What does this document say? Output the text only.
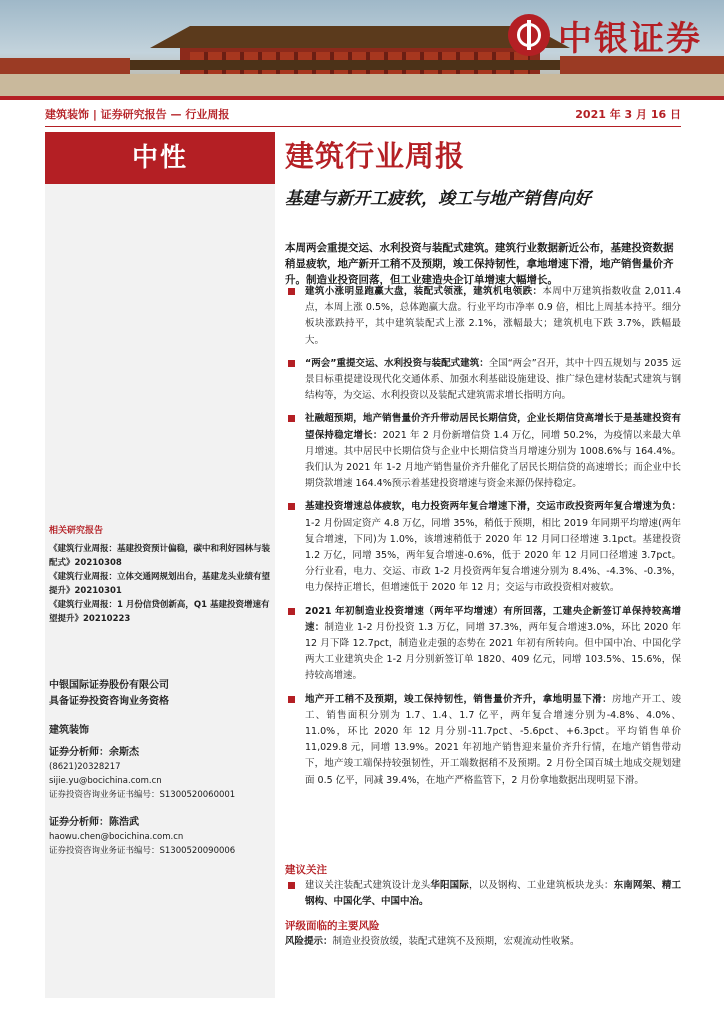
中银证券
建筑装饰 | 证券研究报告 — 行业周报	2021 年 3 月 16 日
中性
相关研究报告
《建筑行业周报：基建投资预计偏稳，碳中和利好园林与装配式》20210308
《建筑行业周报：立体交通网规划出台，基建龙头业绩有望提升》20210301
《建筑行业周报：1 月份信贷创新高，Q1 基建投资增速有望提升》20210223
中银国际证券股份有限公司
具备证券投资咨询业务资格
建筑装饰
证券分析师：余斯杰
(8621)20328217
sijie.yu@bocichina.com.cn
证券投资咨询业务证书编号：S1300520060001
证券分析师：陈浩武
haowu.chen@bocichina.com.cn
证券投资咨询业务证书编号：S1300520090006
建筑行业周报
基建与新开工疲软，竣工与地产销售向好
本周两会重提交运、水利投资与装配式建筑。建筑行业数据新近公布，基建投资数据稍显疲软，地产新开工稍不及预期，竣工保持韧性，拿地增速下滑，地产销售量价齐升。制造业投资回落，但工业建造央企订单增速大幅增长。
建筑小涨明显跑赢大盘，装配式领涨，建筑机电领跌：本周中万建筑指数收盘 2,011.4 点，本周上涨 0.5%，总体跑赢大盘。行业平均市净率 0.9 倍，相比上周基本持平。细分板块涨跌持平，其中建筑装配式上涨 2.1%，涨幅最大；建筑机电下跌 3.7%，跌幅最大。
“两会”重提交运、水利投资与装配式建筑：全国“两会”召开，其中十四五规划与 2035 远景目标重提建设现代化交通体系、加强水利基础设施建设、推广绿色建材装配式建筑与钢结构等，为交运、水利投资以及装配式建筑需求增长指明方向。
社融超预期，地产销售量价齐升带动居民长期信贷，企业长期信贷高增长于是基建投资有望保持稳定增长：2021 年 2 月份新增信贷 1.4 万亿，同增 50.2%，为疫情以来最大单月增速。其中居民中长期信贷与企业中长期信贷当月增速分别为 1008.6%与 164.4%。我们认为 2021 年 1-2 月地产销售量价齐升催化了居民长期信贷的高速增长；而企业中长期贷款增速 164.4%预示着基建投资增速与资金来源仍保持稳定。
基建投资增速总体疲软，电力投资两年复合增速下滑，交运市政投资两年复合增速为负：1-2 月份固定资产 4.8 万亿，同增 35%，稍低于预期，相比 2019 年同期平均增速(两年复合增速，下同)为 1.0%，该增速稍低于 2020 年 12 月同口径增速 3.1pct。基建投资 1.2 万亿，同增 35%，两年复合增速-0.6%，低于 2020 年 12 月同口径增速 3.7pct。分行业看，电力、交运、市政 1-2 月投资两年复合增速分别为 8.4%、-4.3%、-0.3%，电力保持正增长，但增速低于 2020 年 12 月；交运与市政投资相对疲软。
2021 年初制造业投资增速（两年平均增速）有所回落，工建央企新签订单保持较高增速：制造业 1-2 月份投资 1.3 万亿，同增 37.3%，两年复合增速3.0%，环比 2020 年 12 月下降 12.7pct，制造业走强的态势在 2021 年初有所转向。但中国中冶、中国化学两大工业建筑央企 1-2 月分别新签订单 1820、409 亿元，同增 103.5%、15.6%，保持较高增速。
地产开工稍不及预期，竣工保持韧性，销售量价齐升，拿地明显下滑：房地产开工、竣工、销售面积分别为 1.7、1.4、1.7 亿平，两年复合增速分别为-4.8%、4.0%、11.0%，环比 2020 年 12 月分别-11.7pct、-5.6pct、+6.3pct。平均销售单价 11,029.8 元，同增 13.9%。2021 年初地产销售迎来量价齐升行情，在地产销售带动下，地产竣工端保持较强韧性，开工端数据稍不及预期。2 月份全国百城土地成交规划建面 0.5 亿平，同减 39.4%，在地产严格监管下，2 月份拿地数据出现明显下滑。
建议关注
建议关注装配式建筑设计龙头华阳国际，以及钢构、工业建筑板块龙头：东南网架、精工钢构、中国化学、中国中冶。
评级面临的主要风险
风险提示：制造业投资放缓，装配式建筑不及预期，宏观流动性收紧。
